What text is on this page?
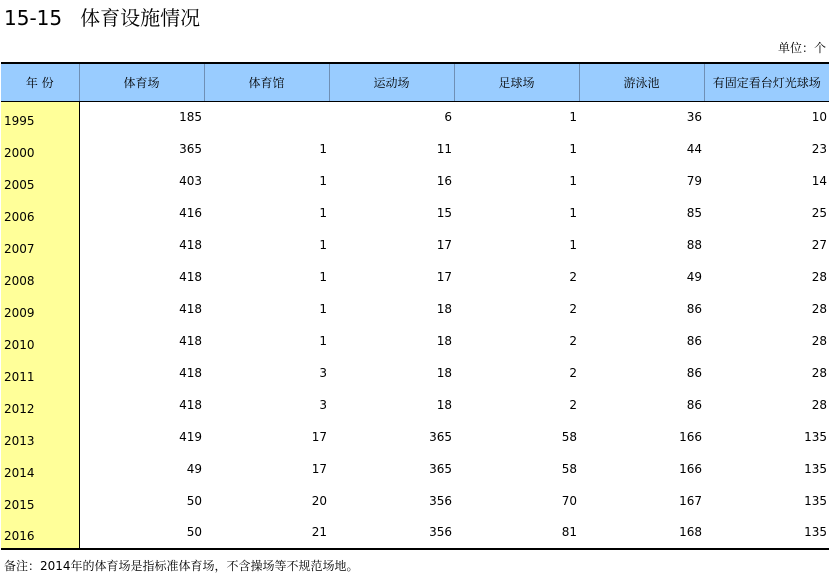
15-15 体育设施情况
单位：个
年 份	体育场	体育馆	运动场	足球场	游泳池	有固定看台灯光球场
1995	185		6	1	36	10
2000	365	1	11	1	44	23
2005	403	1	16	1	79	14
2006	416	1	15	1	85	25
2007	418	1	17	1	88	27
2008	418	1	17	2	49	28
2009	418	1	18	2	86	28
2010	418	1	18	2	86	28
2011	418	3	18	2	86	28
2012	418	3	18	2	86	28
2013	419	17	365	58	166	135
2014	49	17	365	58	166	135
2015	50	20	356	70	167	135
2016	50	21	356	81	168	135
备注：2014年的体育场是指标准体育场，不含操场等不规范场地。
